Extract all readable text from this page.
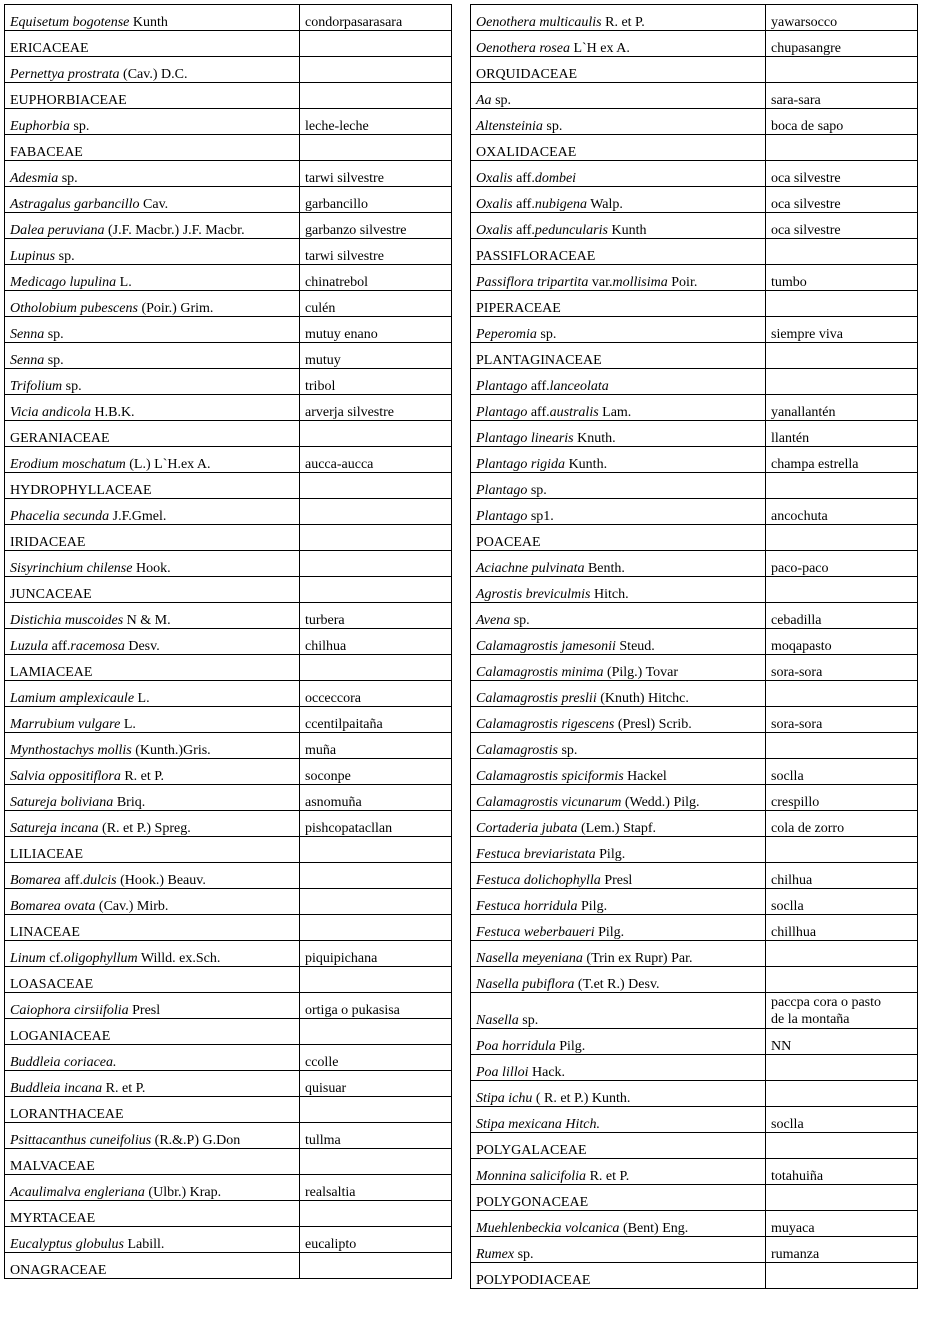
Equisetum bogotense Kunth	condorpasarasara
ERICACEAE	
Pernettya prostrata (Cav.) D.C.	
EUPHORBIACEAE	
Euphorbia sp.	leche-leche
FABACEAE	
Adesmia sp.	tarwi silvestre
Astragalus garbancillo Cav.	garbancillo
Dalea peruviana (J.F. Macbr.) J.F. Macbr.	garbanzo silvestre
Lupinus sp.	tarwi silvestre
Medicago lupulina L.	chinatrebol
Otholobium pubescens (Poir.) Grim.	culén
Senna sp.	mutuy enano
Senna sp.	mutuy
Trifolium sp.	tribol
Vicia andicola H.B.K.	arverja silvestre
GERANIACEAE	
Erodium moschatum (L.) L`H.ex A.	aucca-aucca
HYDROPHYLLACEAE	
Phacelia secunda J.F.Gmel.	
IRIDACEAE	
Sisyrinchium chilense Hook.	
JUNCACEAE	
Distichia muscoides N & M.	turbera
Luzula aff.racemosa Desv.	chilhua
LAMIACEAE	
Lamium amplexicaule L.	occeccora
Marrubium vulgare L.	ccentilpaitaña
Mynthostachys mollis (Kunth.)Gris.	muña
Salvia oppositiflora R. et P.	soconpe
Satureja boliviana Briq.	asnomuña
Satureja incana (R. et P.) Spreg.	pishcopatacllan
LILIACEAE	
Bomarea aff.dulcis (Hook.) Beauv.	
Bomarea ovata (Cav.) Mirb.	
LINACEAE	
Linum cf.oligophyllum Willd. ex.Sch.	piquipichana
LOASACEAE	
Caiophora cirsiifolia Presl	ortiga o pukasisa
LOGANIACEAE	
Buddleia coriacea.	ccolle
Buddleia incana R. et P.	quisuar
LORANTHACEAE	
Psittacanthus cuneifolius (R.&.P) G.Don	tullma
MALVACEAE	
Acaulimalva engleriana (Ulbr.) Krap.	realsaltia
MYRTACEAE	
Eucalyptus globulus Labill.	eucalipto
ONAGRACEAE	
Oenothera multicaulis R. et P.	yawarsocco
Oenothera rosea L`H ex A.	chupasangre
ORQUIDACEAE	
Aa sp.	sara-sara
Altensteinia sp.	boca de sapo
OXALIDACEAE	
Oxalis aff.dombei	oca silvestre
Oxalis aff.nubigena Walp.	oca silvestre
Oxalis aff.peduncularis Kunth	oca silvestre
PASSIFLORACEAE	
Passiflora tripartita var.mollisima Poir.	tumbo
PIPERACEAE	
Peperomia sp.	siempre viva
PLANTAGINACEAE	
Plantago aff.lanceolata	
Plantago aff.australis Lam.	yanallantén
Plantago linearis Knuth.	llantén
Plantago rigida Kunth.	champa estrella
Plantago sp.	
Plantago sp1.	ancochuta
POACEAE	
Aciachne pulvinata Benth.	paco-paco
Agrostis breviculmis Hitch.	
Avena sp.	cebadilla
Calamagrostis jamesonii Steud.	moqapasto
Calamagrostis minima (Pilg.) Tovar	sora-sora
Calamagrostis preslii (Knuth) Hitchc.	
Calamagrostis rigescens (Presl) Scrib.	sora-sora
Calamagrostis sp.	
Calamagrostis spiciformis Hackel	soclla
Calamagrostis vicunarum (Wedd.) Pilg.	crespillo
Cortaderia jubata (Lem.) Stapf.	cola de zorro
Festuca breviaristata Pilg.	
Festuca dolichophylla Presl	chilhua
Festuca horridula Pilg.	soclla
Festuca weberbaueri Pilg.	chillhua
Nasella meyeniana (Trin ex Rupr) Par.	
Nasella pubiflora (T.et R.) Desv.	
Nasella sp.	paccpa cora o pasto
de la montaña

Poa horridula Pilg.	NN
Poa lilloi Hack.	
Stipa ichu ( R. et P.) Kunth.	
Stipa mexicana Hitch.	soclla
POLYGALACEAE	
Monnina salicifolia R. et P.	totahuiña
POLYGONACEAE	
Muehlenbeckia volcanica (Bent) Eng.	muyaca
Rumex sp.	rumanza
POLYPODIACEAE	
